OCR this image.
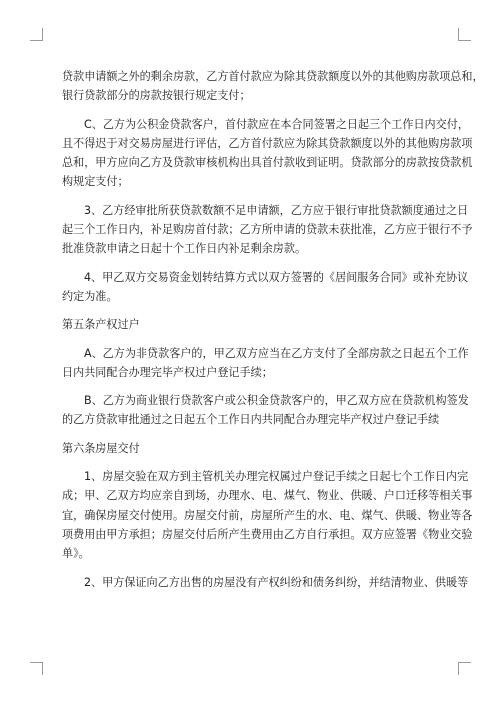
贷款申请额之外的剩余房款，乙方首付款应为除其贷款额度以外的其他购房款项总和，
银行贷款部分的房款按银行规定支付；
C、乙方为公积金贷款客户，首付款应在本合同签署之日起三个工作日内交付，
且不得迟于对交易房屋进行评估，乙方首付款应为除其贷款额度以外的其他购房款项
总和，甲方应向乙方及贷款审核机构出具首付款收到证明。贷款部分的房款按贷款机
构规定支付；
3、乙方经审批所获贷款数额不足申请额，乙方应于银行审批贷款额度通过之日
起三个工作日内，补足购房首付款；乙方所申请的贷款未获批准，乙方应于银行不予
批准贷款申请之日起十个工作日内补足剩余房款。
4、甲乙双方交易资金划转结算方式以双方签署的《居间服务合同》或补充协议
约定为准。
第五条产权过户
A、乙方为非贷款客户的，甲乙双方应当在乙方支付了全部房款之日起五个工作
日内共同配合办理完毕产权过户登记手续；
B、乙方为商业银行贷款客户或公积金贷款客户的，甲乙双方应在贷款机构签发
的乙方贷款审批通过之日起五个工作日内共同配合办理完毕产权过户登记手续
第六条房屋交付
1、房屋交验在双方到主管机关办理完权属过户登记手续之日起七个工作日内完
成；甲、乙双方均应亲自到场，办理水、电、煤气、物业、供暖、户口迁移等相关事
宜，确保房屋交付使用。房屋交付前，房屋所产生的水、电、煤气、供暖、物业等各
项费用由甲方承担；房屋交付后所产生费用由乙方自行承担。双方应签署《物业交验
单》。
2、甲方保证向乙方出售的房屋没有产权纠纷和债务纠纷，并结清物业、供暖等
